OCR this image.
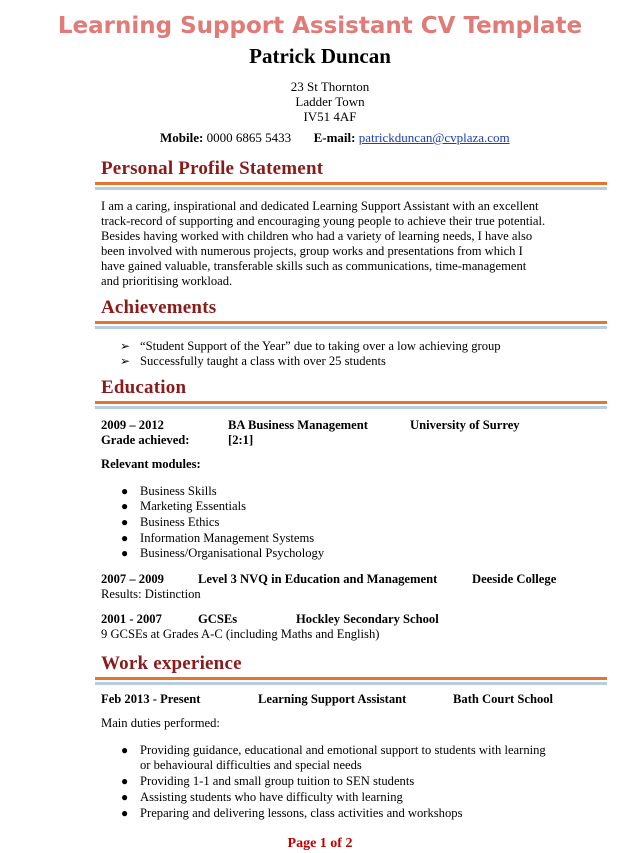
Learning Support Assistant CV Template
Patrick Duncan
23 St Thornton
Ladder Town
IV51 4AF
Mobile: 0000 6865 5433 E-mail: patrickduncan@cvplaza.com
Personal Profile Statement
I am a caring, inspirational and dedicated Learning Support Assistant with an excellent
track-record of supporting and encouraging young people to achieve their true potential.
Besides having worked with children who had a variety of learning needs, I have also
been involved with numerous projects, group works and presentations from which I
have gained valuable, transferable skills such as communications, time-management
and prioritising workload.
Achievements
➢ “Student Support of the Year” due to taking over a low achieving group
➢ Successfully taught a class with over 25 students
Education
2009 – 2012	BA Business Management	University of Surrey
Grade achieved:	[2:1]
Relevant modules:
● Business Skills
● Marketing Essentials
● Business Ethics
● Information Management Systems
● Business/Organisational Psychology
2007 – 2009	Level 3 NVQ in Education and Management	Deeside College
Results: Distinction
2001 - 2007	GCSEs	Hockley Secondary School
9 GCSEs at Grades A-C (including Maths and English)
Work experience
Feb 2013 - Present	Learning Support Assistant	Bath Court School
Main duties performed:
● Providing guidance, educational and emotional support to students with learning
or behavioural difficulties and special needs
● Providing 1-1 and small group tuition to SEN students
● Assisting students who have difficulty with learning
● Preparing and delivering lessons, class activities and workshops
Page 1 of 2
